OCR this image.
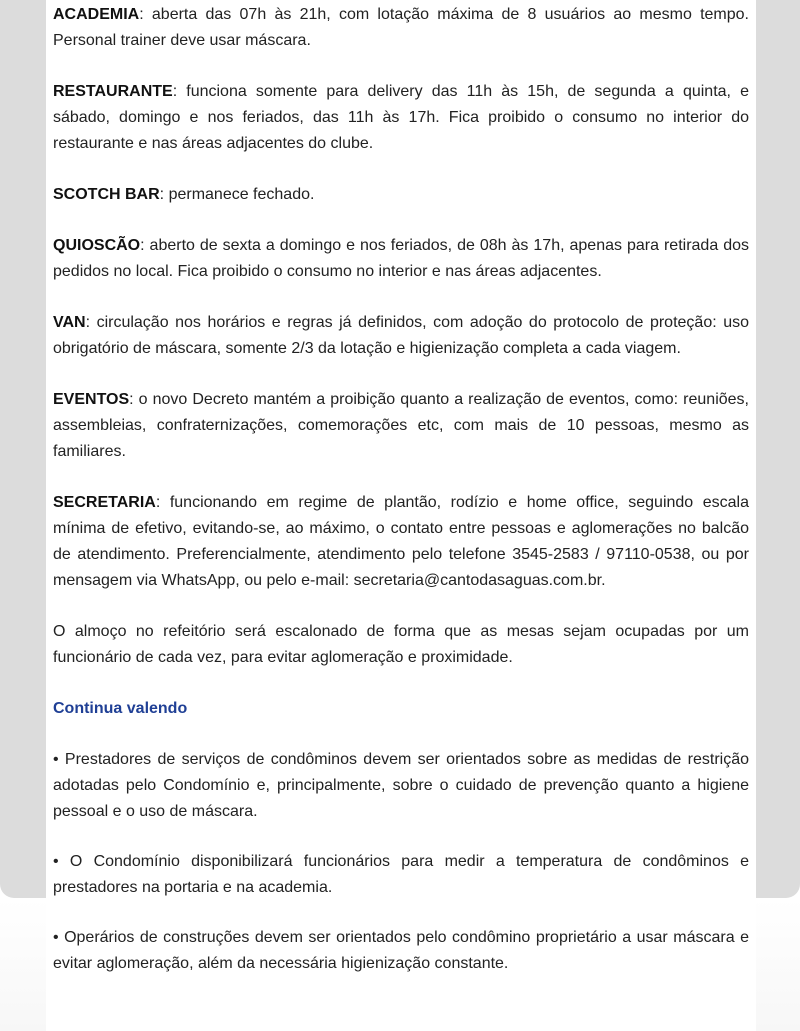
ACADEMIA: aberta das 07h às 21h, com lotação máxima de 8 usuários ao mesmo tempo. Personal trainer deve usar máscara.

RESTAURANTE: funciona somente para delivery das 11h às 15h, de segunda a quinta, e sábado, domingo e nos feriados, das 11h às 17h. Fica proibido o consumo no interior do restaurante e nas áreas adjacentes do clube.

SCOTCH BAR: permanece fechado.

QUIOSCÃO: aberto de sexta a domingo e nos feriados, de 08h às 17h, apenas para retirada dos pedidos no local. Fica proibido o consumo no interior e nas áreas adjacentes.

VAN: circulação nos horários e regras já definidos, com adoção do protocolo de proteção: uso obrigatório de máscara, somente 2/3 da lotação e higienização completa a cada viagem.

EVENTOS: o novo Decreto mantém a proibição quanto a realização de eventos, como: reuniões, assembleias, confraternizações, comemorações etc, com mais de 10 pessoas, mesmo as familiares.

SECRETARIA: funcionando em regime de plantão, rodízio e home office, seguindo escala mínima de efetivo, evitando-se, ao máximo, o contato entre pessoas e aglomerações no balcão de atendimento. Preferencialmente, atendimento pelo telefone 3545-2583 / 97110-0538, ou por mensagem via WhatsApp, ou pelo e-mail: secretaria@cantodasaguas.com.br.

O almoço no refeitório será escalonado de forma que as mesas sejam ocupadas por um funcionário de cada vez, para evitar aglomeração e proximidade.

Continua valendo

• Prestadores de serviços de condôminos devem ser orientados sobre as medidas de restrição adotadas pelo Condomínio e, principalmente, sobre o cuidado de prevenção quanto a higiene pessoal e o uso de máscara.

• O Condomínio disponibilizará funcionários para medir a temperatura de condôminos e prestadores na portaria e na academia.

• Operários de construções devem ser orientados pelo condômino proprietário a usar máscara e evitar aglomeração, além da necessária higienização constante.
